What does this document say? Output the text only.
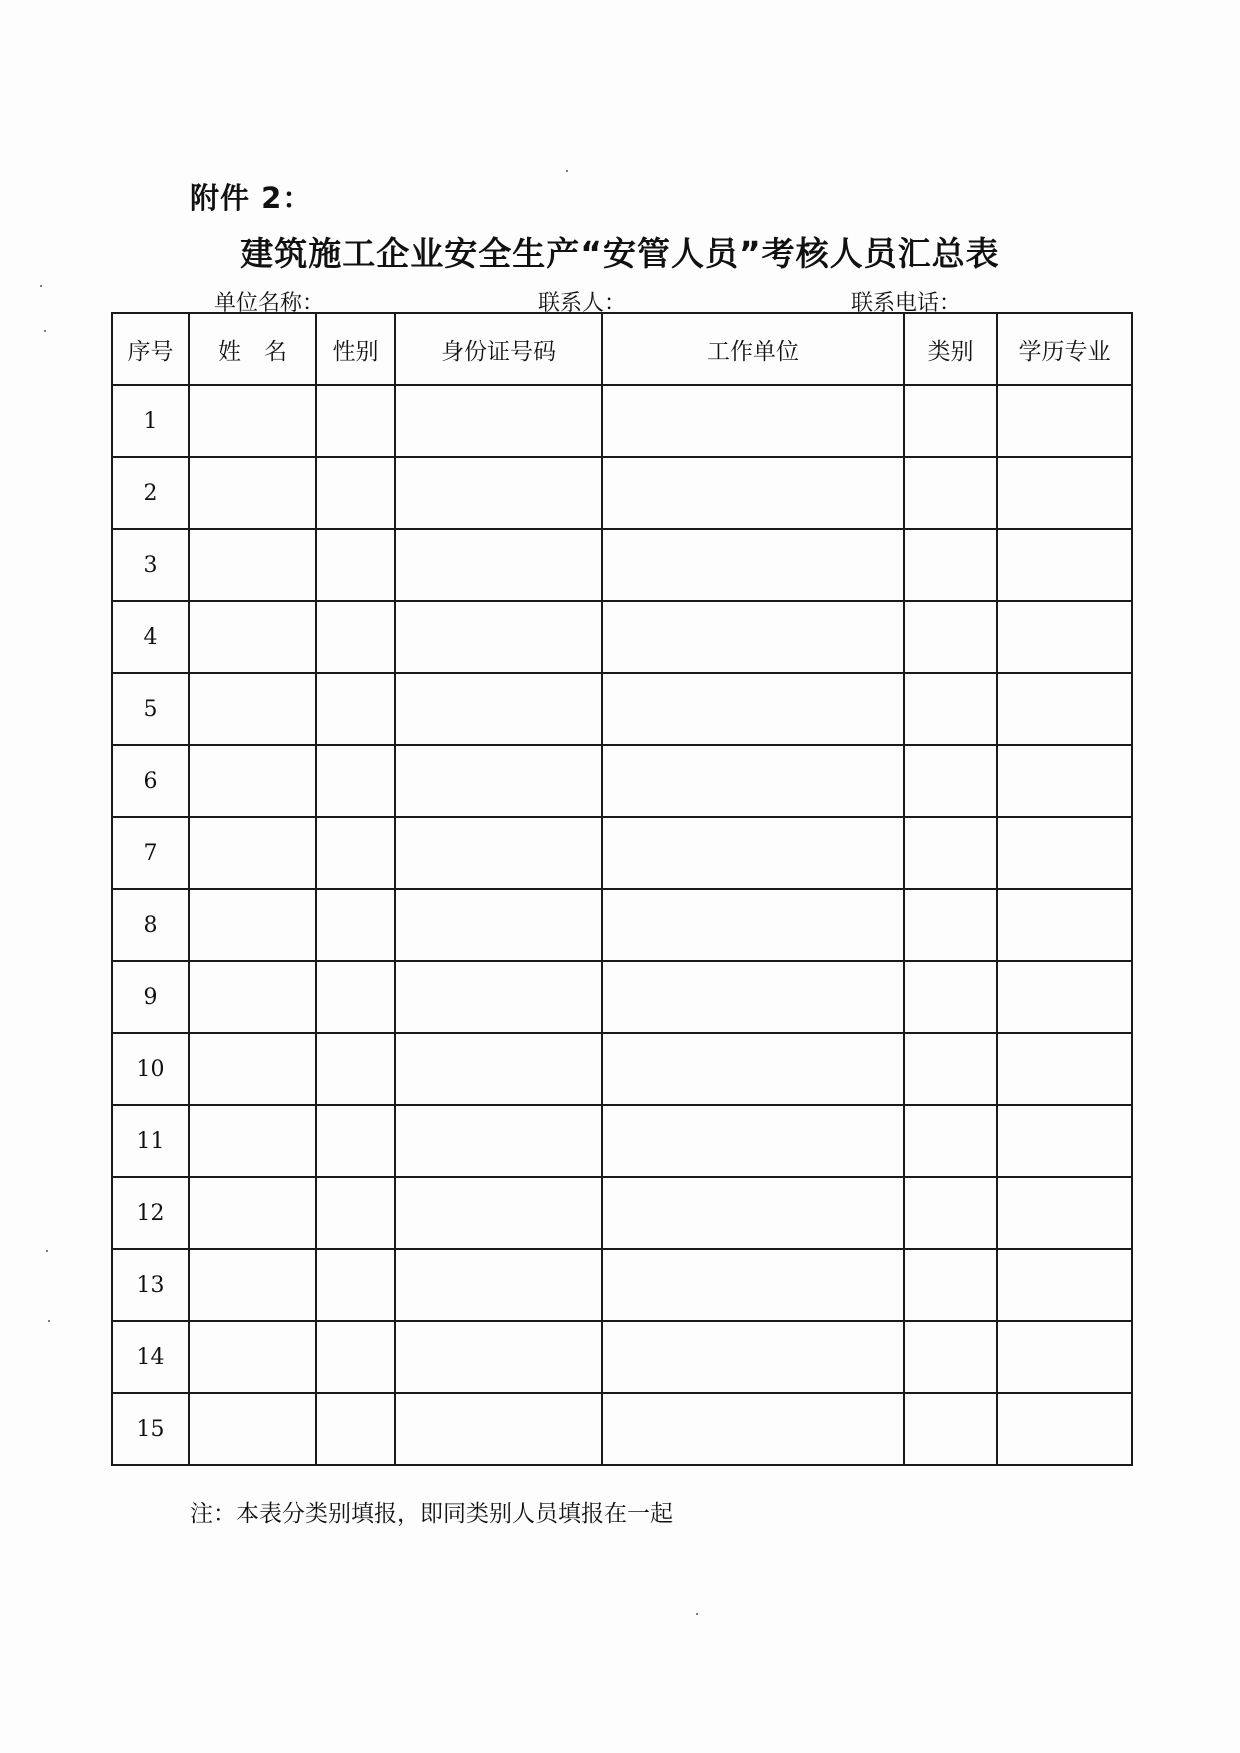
附件 2：
建筑施工企业安全生产“安管人员”考核人员汇总表
单位名称：	联系人：	联系电话：
序号	姓　名	性别	身份证号码	工作单位	类别	学历专业
1						
2						
3						
4						
5						
6						
7						
8						
9						
10						
11						
12						
13						
14						
15						
注：本表分类别填报，即同类别人员填报在一起
